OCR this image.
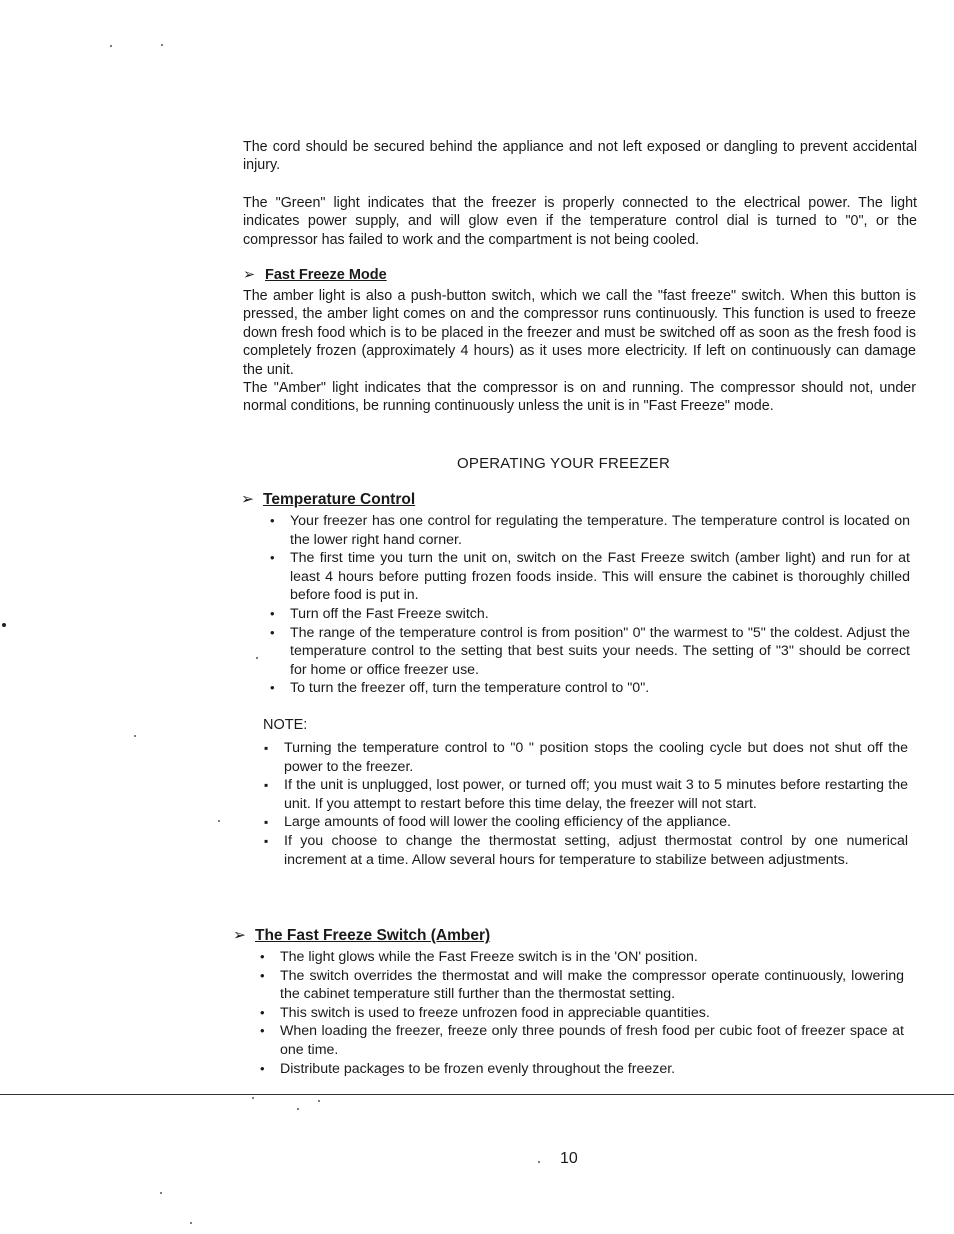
The cord should be secured behind the appliance and not left exposed or dangling to prevent accidental injury.

The "Green" light indicates that the freezer is properly connected to the electrical power. The light indicates power supply, and will glow even if the temperature control dial is turned to "0", or the compressor has failed to work and the compartment is not being cooled.

➢ Fast Freeze Mode

The amber light is also a push-button switch, which we call the "fast freeze" switch. When this button is pressed, the amber light comes on and the compressor runs continuously. This function is used to freeze down fresh food which is to be placed in the freezer and must be switched off as soon as the fresh food is completely frozen (approximately 4 hours) as it uses more electricity. If left on continuously can damage the unit.

The "Amber" light indicates that the compressor is on and running. The compressor should not, under normal conditions, be running continuously unless the unit is in "Fast Freeze" mode.

OPERATING YOUR FREEZER
➢ Temperature Control
• Your freezer has one control for regulating the temperature. The temperature control is located on the lower right hand corner.
• The first time you turn the unit on, switch on the Fast Freeze switch (amber light) and run for at least 4 hours before putting frozen foods inside. This will ensure the cabinet is thoroughly chilled before food is put in.
• Turn off the Fast Freeze switch.
• The range of the temperature control is from position" 0" the warmest to "5" the coldest. Adjust the temperature control to the setting that best suits your needs. The setting of "3" should be correct for home or office freezer use.
• To turn the freezer off, turn the temperature control to "0".
NOTE:
▪ Turning the temperature control to "0 " position stops the cooling cycle but does not shut off the power to the freezer.
▪ If the unit is unplugged, lost power, or turned off; you must wait 3 to 5 minutes before restarting the unit. If you attempt to restart before this time delay, the freezer will not start.
▪ Large amounts of food will lower the cooling efficiency of the appliance.
▪ If you choose to change the thermostat setting, adjust thermostat control by one numerical increment at a time. Allow several hours for temperature to stabilize between adjustments.
➢ The Fast Freeze Switch (Amber)
• The light glows while the Fast Freeze switch is in the 'ON' position.
• The switch overrides the thermostat and will make the compressor operate continuously, lowering the cabinet temperature still further than the thermostat setting.
• This switch is used to freeze unfrozen food in appreciable quantities.
• When loading the freezer, freeze only three pounds of fresh food per cubic foot of freezer space at one time.
• Distribute packages to be frozen evenly throughout the freezer.
10
